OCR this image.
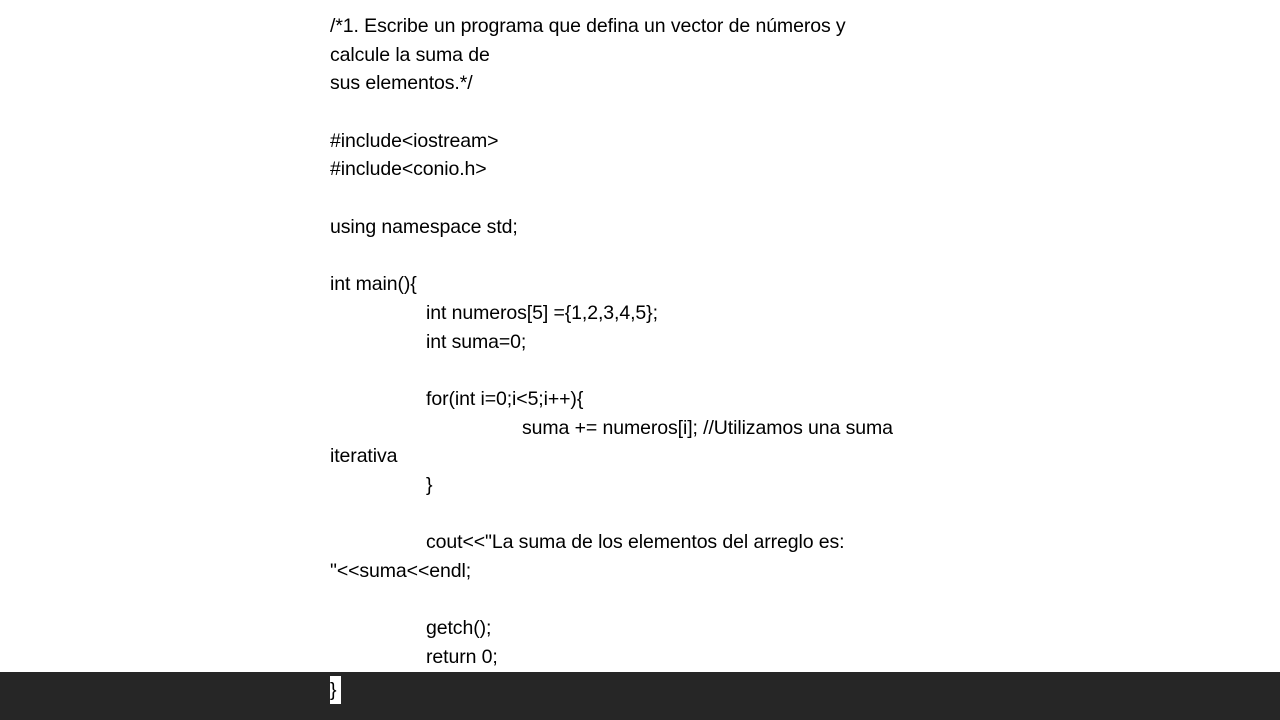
/*1. Escribe un programa que defina un vector de números y
calcule la suma de
sus elementos.*/
#include<iostream>
#include<conio.h>
using namespace std;
int main(){
int numeros[5] ={1,2,3,4,5};
int suma=0;
for(int i=0;i<5;i++){
suma += numeros[i]; //Utilizamos una suma
iterativa
}
cout<<"La suma de los elementos del arreglo es:
"<<suma<<endl;
getch();
return 0;
}
